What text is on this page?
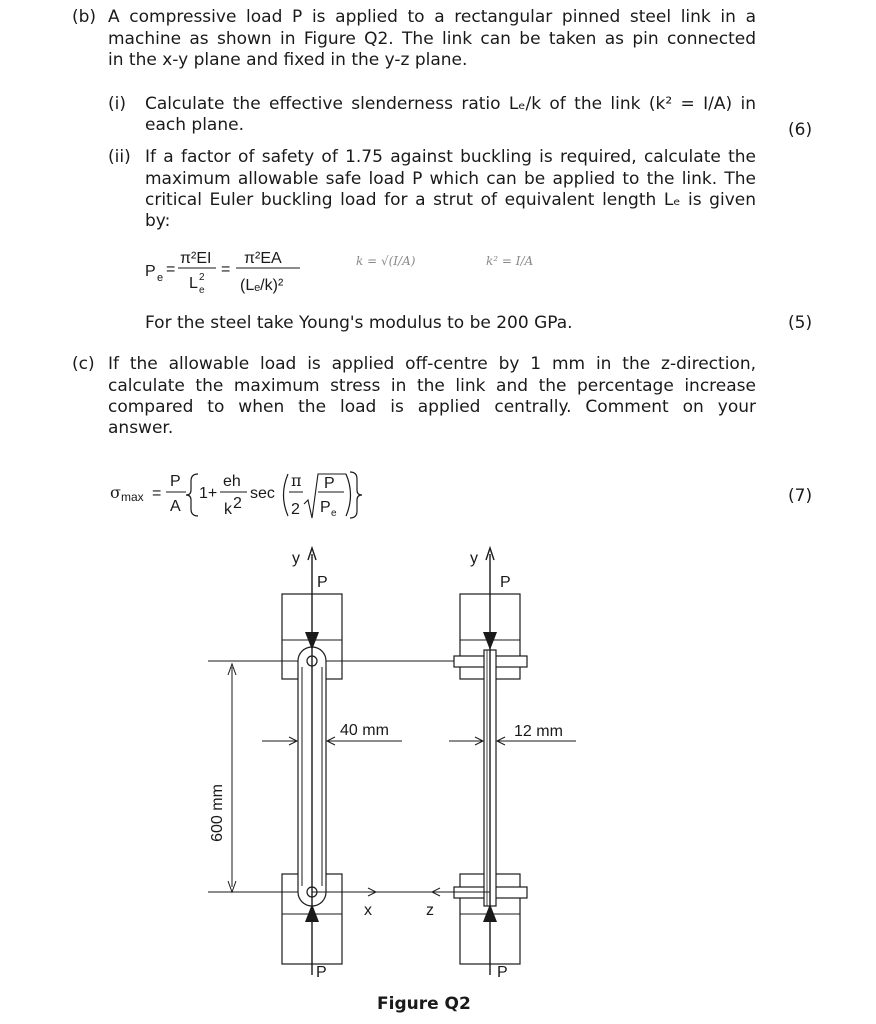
(b) A compressive load P is applied to a rectangular pinned steel link in a
machine as shown in Figure Q2. The link can be taken as pin connected
in the x-y plane and fixed in the y-z plane.
(i) Calculate the effective slenderness ratio Lₑ/k of the link (k² = I/A) in
each plane.	(6)
(ii) If a factor of safety of 1.75 against buckling is required, calculate the
maximum allowable safe load P which can be applied to the link. The
critical Euler buckling load for a strut of equivalent length Lₑ is given
by:
For the steel take Young's modulus to be 200 GPa.	(5)
(c) If the allowable load is applied off-centre by 1 mm in the z-direction,
calculate the maximum stress in the link and the percentage increase
compared to when the load is applied centrally. Comment on your
answer.
(7)
P e =
π²EI
L 2
e
=
π²EA
(Lₑ/k)²
k = √(I/A)	k² = I/A
σ max =
P
A
1+
eh
k 2
sec
π
2
P
P e
y
P
P
x
40 mm
y
P
P
z
12 mm
600 mm
Figure Q2
